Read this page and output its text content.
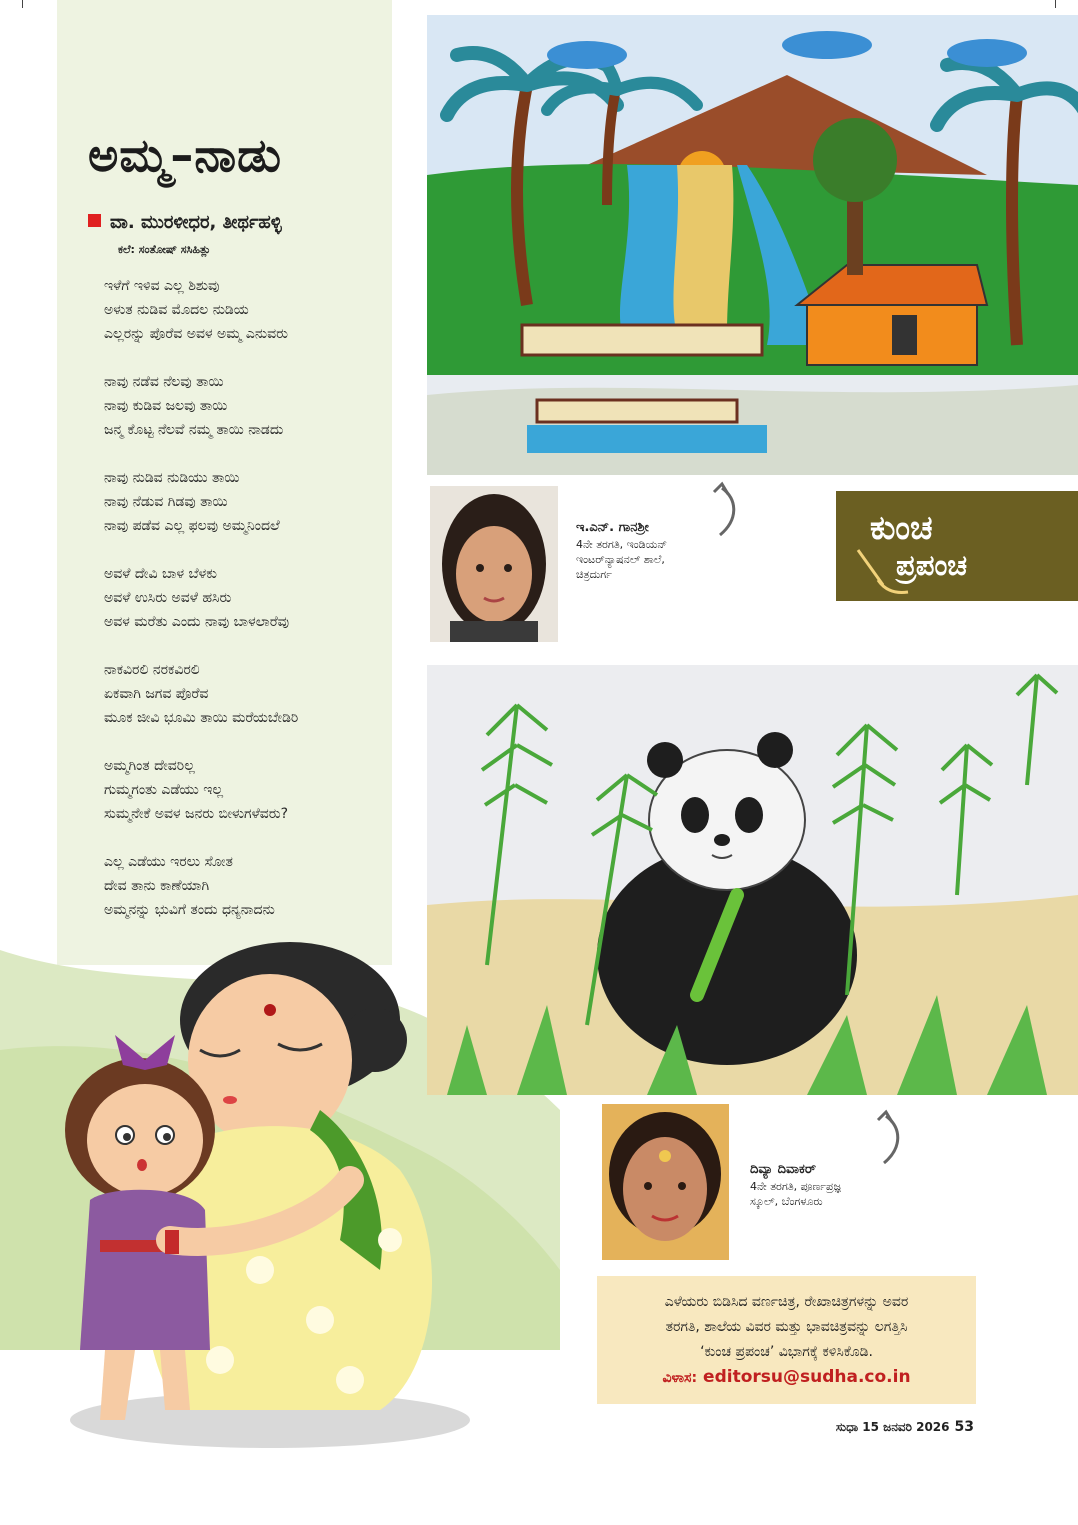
ಅಮ್ಮ–ನಾಡು
ವಾ. ಮುರಳೀಧರ, ತೀರ್ಥಹಳ್ಳಿ
ಕಲೆ: ಸಂತೋಷ್ ಸಸಿಹಿತ್ಲು

ಇಳೆಗೆ ಇಳಿವ ಎಲ್ಲ ಶಿಶುವು
ಅಳುತ ನುಡಿವ ಮೊದಲ ನುಡಿಯ
ಎಲ್ಲರನ್ನು ಪೊರೆವ ಅವಳ ಅಮ್ಮ ಎನುವರು

ನಾವು ನಡೆವ ನೆಲವು ತಾಯಿ
ನಾವು ಕುಡಿವ ಜಲವು ತಾಯಿ
ಜನ್ಮ ಕೊಟ್ಟ ನೆಲವೆ ನಮ್ಮ ತಾಯಿ ನಾಡದು

ನಾವು ನುಡಿವ ನುಡಿಯು ತಾಯಿ
ನಾವು ನೆಡುವ ಗಿಡವು ತಾಯಿ
ನಾವು ಪಡೆವ ಎಲ್ಲ ಫಲವು ಅಮ್ಮನಿಂದಲೆ

ಅವಳೆ ದೇವಿ ಬಾಳ ಬೆಳಕು
ಅವಳೆ ಉಸಿರು ಅವಳೆ ಹಸಿರು
ಅವಳ ಮರೆತು ಎಂದು ನಾವು ಬಾಳಲಾರೆವು

ನಾಕವಿರಲಿ ನರಕವಿರಲಿ
ಏಕವಾಗಿ ಜಗವ ಪೊರೆವ
ಮೂಕ ಜೀವಿ ಭೂಮಿ ತಾಯಿ ಮರೆಯಬೇಡಿರಿ

ಅಮ್ಮಗಿಂತ ದೇವರಿಲ್ಲ
ಗುಮ್ಮಗಂತು ಎಡೆಯು ಇಲ್ಲ
ಸುಮ್ಮನೇಕೆ ಅವಳ ಜನರು ಬೀಳುಗಳೆವರು?

ಎಲ್ಲ ಎಡೆಯು ಇರಲು ಸೋತ
ದೇವ ತಾನು ಕಾಣೆಯಾಗಿ
ಅಮ್ಮನನ್ನು ಭುವಿಗೆ ತಂದು ಧನ್ಯನಾದನು

ಇ.ಎನ್. ಗಾನಶ್ರೀ
4ನೇ ತರಗತಿ, ಇಂಡಿಯನ್
ಇಂಟರ್‌ನ್ಯಾಷನಲ್ ಶಾಲೆ,
ಚಿತ್ರದುರ್ಗ
ಕುಂಚ
ಪ್ರಪಂಚ
ದಿವ್ಯಾ ದಿವಾಕರ್
4ನೇ ತರಗತಿ, ಪೂರ್ಣಪ್ರಜ್ಞ
ಸ್ಕೂಲ್, ಬೆಂಗಳೂರು
ಎಳೆಯರು ಬಿಡಿಸಿದ ವರ್ಣಚಿತ್ರ, ರೇಖಾಚಿತ್ರಗಳನ್ನು ಅವರ
ತರಗತಿ, ಶಾಲೆಯ ವಿವರ ಮತ್ತು ಭಾವಚಿತ್ರವನ್ನು ಲಗತ್ತಿಸಿ
‘ಕುಂಚ ಪ್ರಪಂಚ’ ವಿಭಾಗಕ್ಕೆ ಕಳಿಸಿಕೊಡಿ.
ವಿಳಾಸ: editorsu@sudha.co.in
ಸುಧಾ 15 ಜನವರಿ 2026 53
